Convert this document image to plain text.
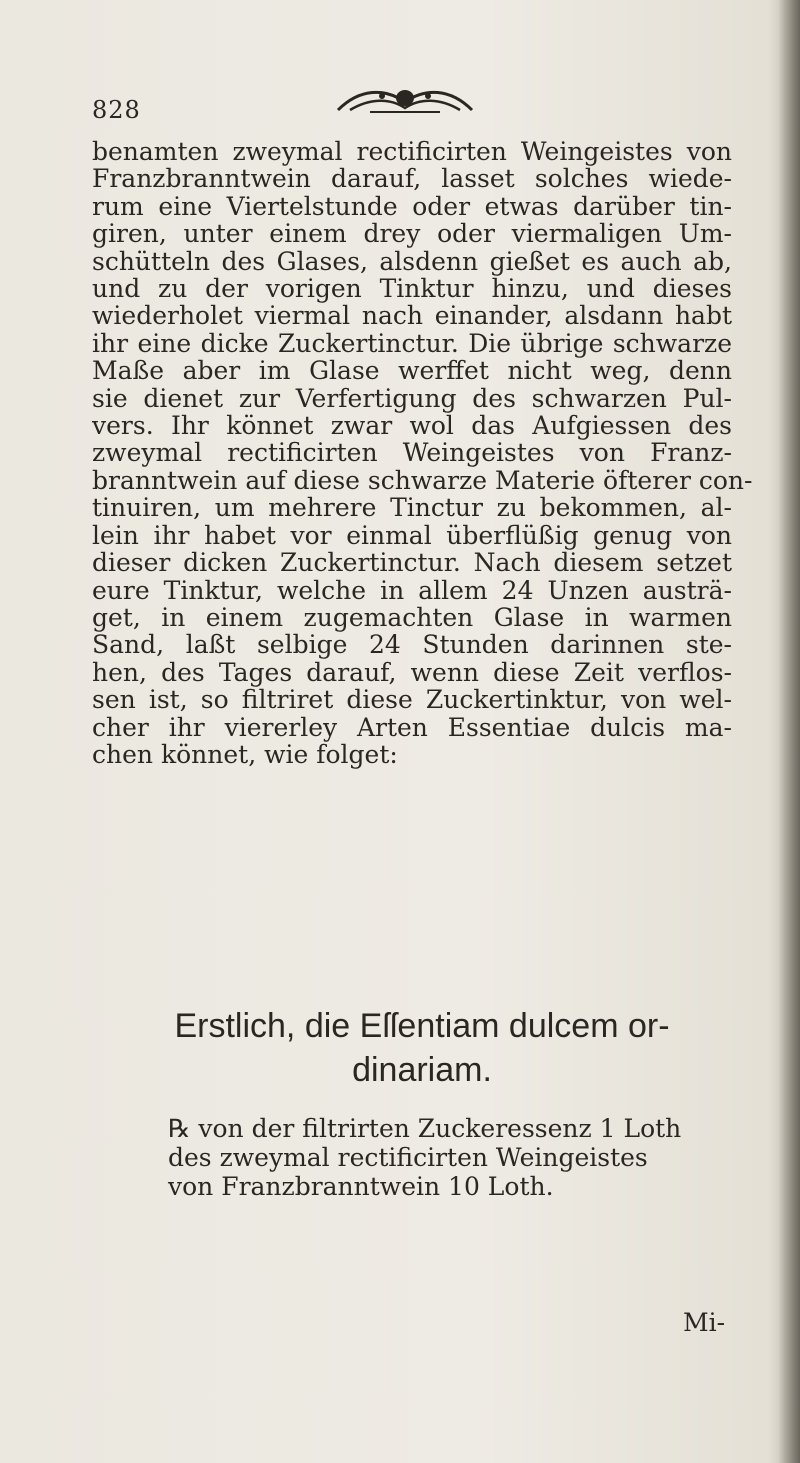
828
benamten zweymal rectificirten Weingeistes von
Franzbranntwein darauf, lasset solches wiede-
rum eine Viertelstunde oder etwas darüber tin-
giren, unter einem drey oder viermaligen Um-
schütteln des Glases, alsdenn gießet es auch ab,
und zu der vorigen Tinktur hinzu, und dieses
wiederholet viermal nach einander, alsdann habt
ihr eine dicke Zuckertinctur. Die übrige schwarze
Maße aber im Glase werffet nicht weg, denn
sie dienet zur Verfertigung des schwarzen Pul-
vers. Ihr könnet zwar wol das Aufgiessen des
zweymal rectificirten Weingeistes von Franz-
branntwein auf diese schwarze Materie öfterer con-
tinuiren, um mehrere Tinctur zu bekommen, al-
lein ihr habet vor einmal überflüßig genug von
dieser dicken Zuckertinctur. Nach diesem setzet
eure Tinktur, welche in allem 24 Unzen austrä-
get, in einem zugemachten Glase in warmen
Sand, laßt selbige 24 Stunden darinnen ste-
hen, des Tages darauf, wenn diese Zeit verflos-
sen ist, so filtriret diese Zuckertinktur, von wel-
cher ihr viererley Arten Essentiae dulcis ma-
chen könnet, wie folget:
Erstlich, die Eſſentiam dulcem or-
dinariam.
℞ von der filtrirten Zuckeressenz 1 Loth
des zweymal rectificirten Weingeistes
von Franzbranntwein 10 Loth.
Mi-
